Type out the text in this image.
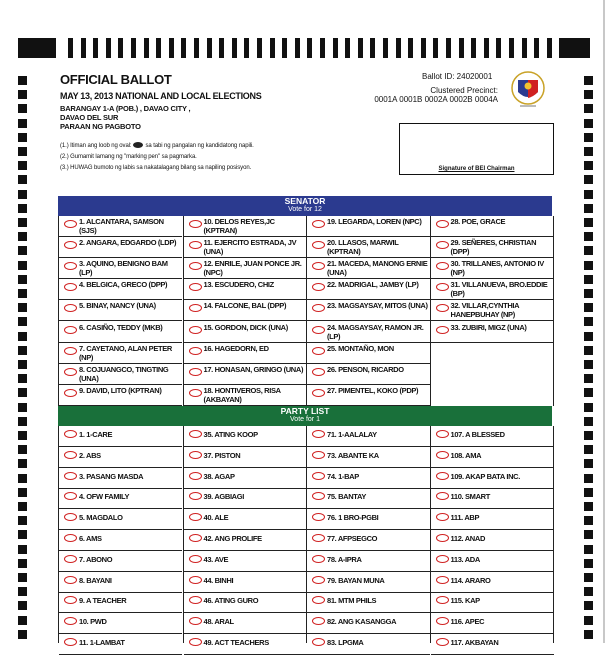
OFFICIAL BALLOT
MAY 13, 2013 NATIONAL AND LOCAL ELECTIONS
BARANGAY 1-A (POB.) , DAVAO CITY ,
DAVAO DEL SUR
PARAAN NG PAGBOTO
(1.) Itiman ang loob ng oval: sa tabi ng pangalan ng kandidatong napili.
(2.) Gumamit lamang ng "marking pen" sa pagmarka.
(3.) HUWAG bumoto ng labis sa nakatalagang bilang sa napiling posisyon.
Ballot ID: 24020001
Clustered Precinct:
0001A 0001B 0002A 0002B 0004A
Signature of BEI Chairman
SENATOR
Vote for 12
1. ALCANTARA, SAMSON (SJS)
2. ANGARA, EDGARDO (LDP)
3. AQUINO, BENIGNO BAM (LP)
4. BELGICA, GRECO (DPP)
5. BINAY, NANCY (UNA)
6. CASIÑO, TEDDY (MKB)
7. CAYETANO, ALAN PETER (NP)
8. COJUANGCO, TINGTING (UNA)
9. DAVID, LITO (KPTRAN)
10. DELOS REYES,JC (KPTRAN)
11. EJERCITO ESTRADA, JV (UNA)
12. ENRILE, JUAN PONCE JR.(NPC)
13. ESCUDERO, CHIZ
14. FALCONE, BAL (DPP)
15. GORDON, DICK (UNA)
16. HAGEDORN, ED
17. HONASAN, GRINGO (UNA)
18. HONTIVEROS, RISA (AKBAYAN)
19. LEGARDA, LOREN (NPC)
20. LLASOS, MARWIL (KPTRAN)
21. MACEDA, MANONG ERNIE (UNA)
22. MADRIGAL, JAMBY (LP)
23. MAGSAYSAY, MITOS (UNA)
24. MAGSAYSAY, RAMON JR. (LP)
25. MONTAÑO, MON
26. PENSON, RICARDO
27. PIMENTEL, KOKO (PDP)
28. POE, GRACE
29. SEÑERES, CHRISTIAN (DPP)
30. TRILLANES, ANTONIO IV (NP)
31. VILLANUEVA, BRO.EDDIE (BP)
32. VILLAR,CYNTHIA HANEPBUHAY (NP)
33. ZUBIRI, MIGZ (UNA)
PARTY LIST
Vote for 1
1. 1-CARE
2. ABS
3. PASANG MASDA
4. OFW FAMILY
5. MAGDALO
6. AMS
7. ABONO
8. BAYANI
9. A TEACHER
10. PWD
11. 1-LAMBAT
35. ATING KOOP
37. PISTON
38. AGAP
39. AGBIAGI
40. ALE
42. ANG PROLIFE
43. AVE
44. BINHI
46. ATING GURO
48. ARAL
49. ACT TEACHERS
71. 1-AALALAY
73. ABANTE KA
74. 1-BAP
75. BANTAY
76. 1 BRO-PGBI
77. AFPSEGCO
78. A-IPRA
79. BAYAN MUNA
81. MTM PHILS
82. ANG KASANGGA
83. LPGMA
107. A BLESSED
108. AMA
109. AKAP BATA INC.
110. SMART
111. ABP
112. ANAD
113. ADA
114. ARARO
115. KAP
116. APEC
117. AKBAYAN
